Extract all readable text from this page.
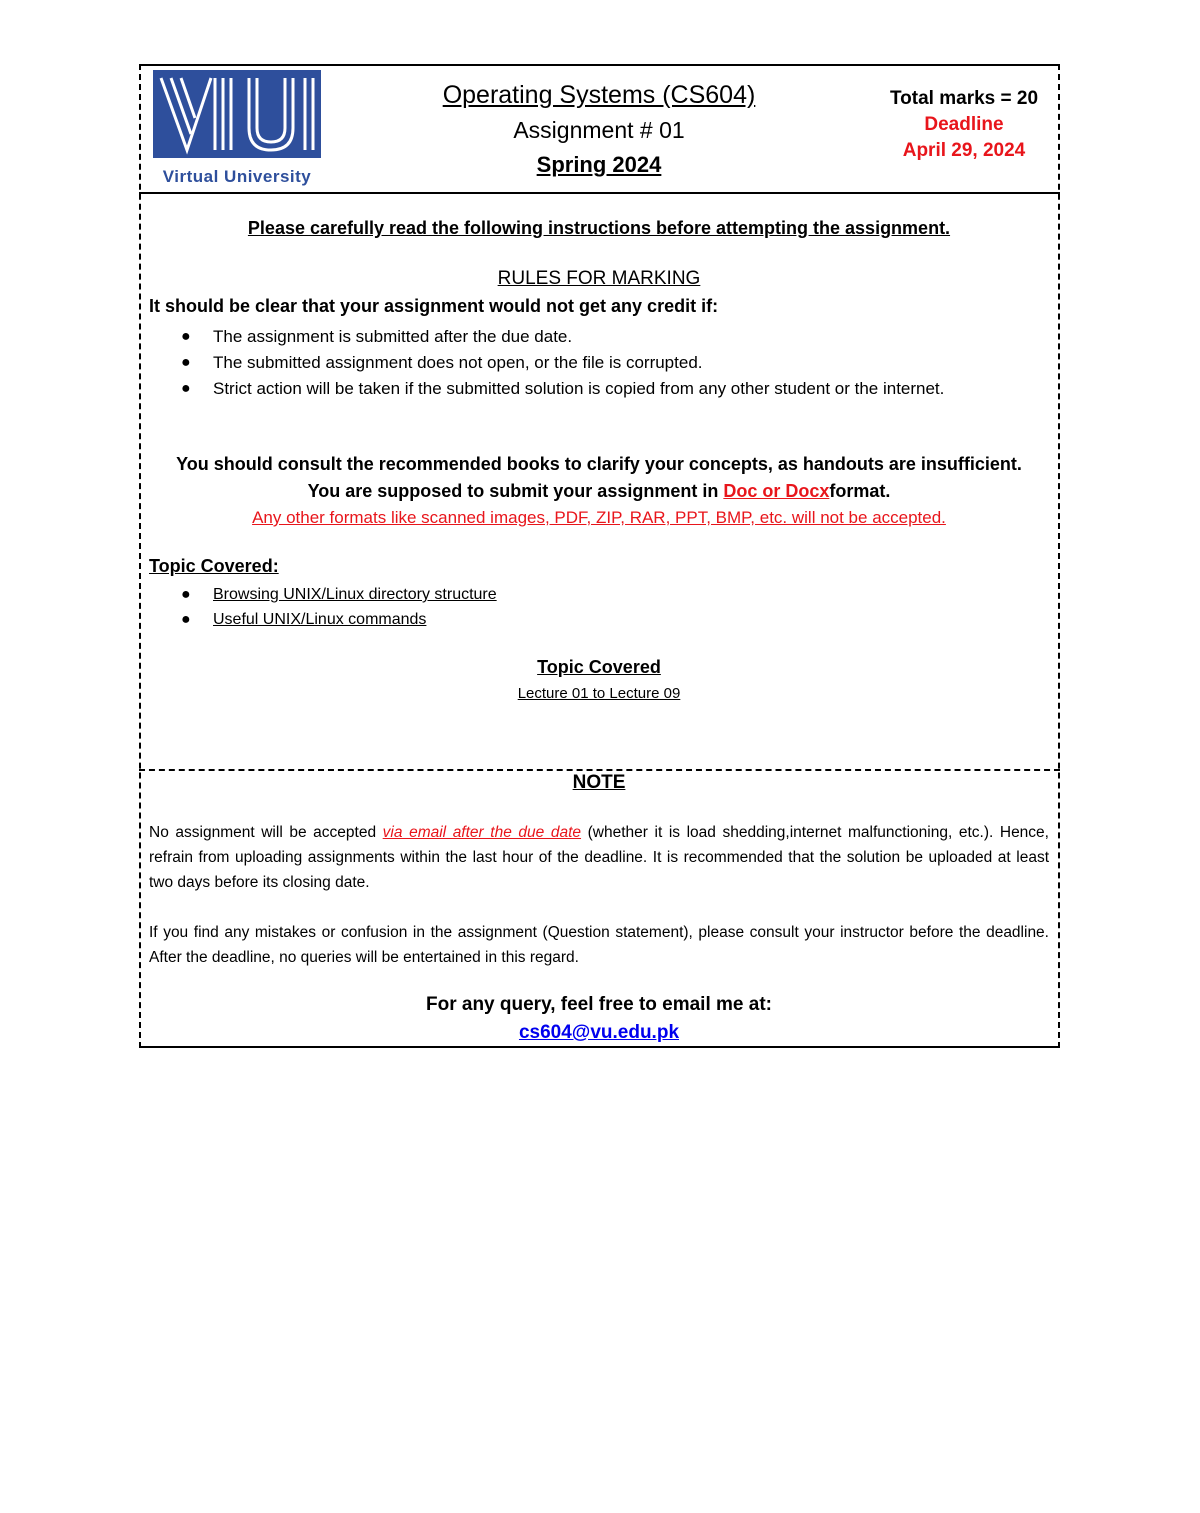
Virtual University
Operating Systems (CS604)
Assignment # 01
Spring 2024
Total marks = 20
Deadline
April 29, 2024
Please carefully read the following instructions before attempting the assignment.
RULES FOR MARKING
It should be clear that your assignment would not get any credit if:
● The assignment is submitted after the due date.
● The submitted assignment does not open, or the file is corrupted.
● Strict action will be taken if the submitted solution is copied from any other student or the internet.
You should consult the recommended books to clarify your concepts, as handouts are insufficient.
You are supposed to submit your assignment in Doc or Docxformat.
Any other formats like scanned images, PDF, ZIP, RAR, PPT, BMP, etc. will not be accepted.
Topic Covered:
● Browsing UNIX/Linux directory structure
● Useful UNIX/Linux commands
Topic Covered
Lecture 01 to Lecture 09
NOTE
No assignment will be accepted via email after the due date (whether it is load shedding,internet malfunctioning, etc.). Hence, refrain from uploading assignments within the last hour of the deadline. It is recommended that the solution be uploaded at least two days before its closing date.
If you find any mistakes or confusion in the assignment (Question statement), please consult your instructor before the deadline. After the deadline, no queries will be entertained in this regard.
For any query, feel free to email me at:
cs604@vu.edu.pk
